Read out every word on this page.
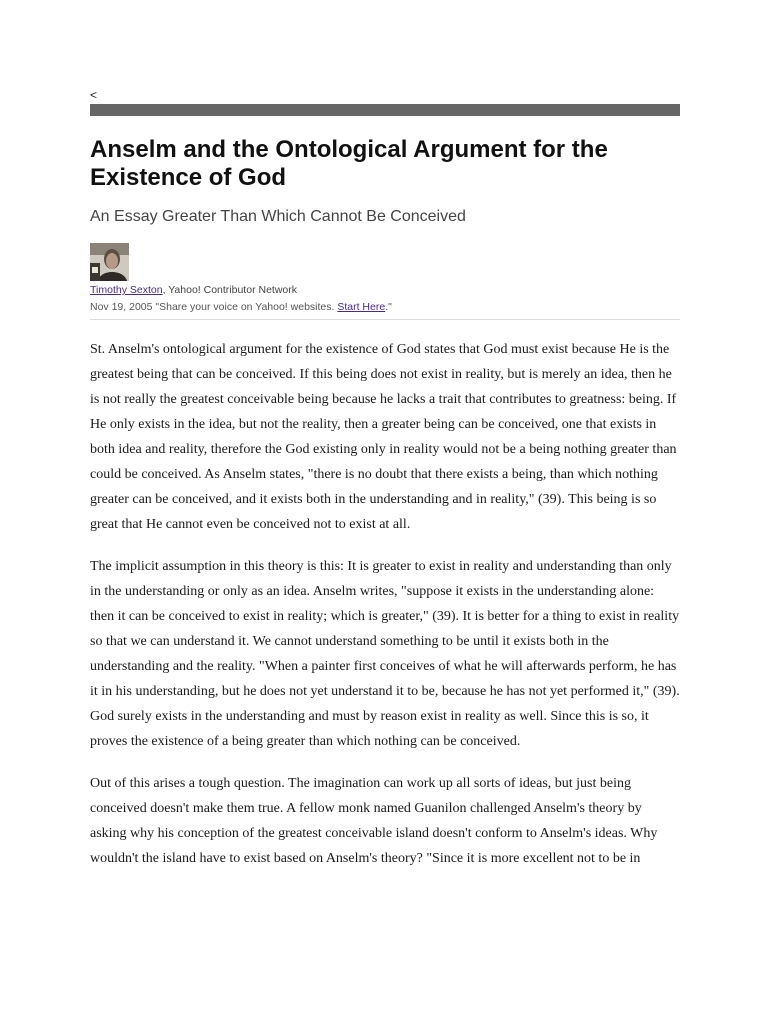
<
Anselm and the Ontological Argument for the Existence of God
An Essay Greater Than Which Cannot Be Conceived
Timothy Sexton, Yahoo! Contributor Network
Nov 19, 2005 "Share your voice on Yahoo! websites. Start Here."

St. Anselm's ontological argument for the existence of God states that God must exist because He is the greatest being that can be conceived. If this being does not exist in reality, but is merely an idea, then he is not really the greatest conceivable being because he lacks a trait that contributes to greatness: being. If He only exists in the idea, but not the reality, then a greater being can be conceived, one that exists in both idea and reality, therefore the God existing only in reality would not be a being nothing greater than could be conceived. As Anselm states, "there is no doubt that there exists a being, than which nothing greater can be conceived, and it exists both in the understanding and in reality," (39). This being is so great that He cannot even be conceived not to exist at all.

The implicit assumption in this theory is this: It is greater to exist in reality and understanding than only in the understanding or only as an idea. Anselm writes, "suppose it exists in the understanding alone: then it can be conceived to exist in reality; which is greater," (39). It is better for a thing to exist in reality so that we can understand it. We cannot understand something to be until it exists both in the understanding and the reality. "When a painter first conceives of what he will afterwards perform, he has it in his understanding, but he does not yet understand it to be, because he has not yet performed it," (39). God surely exists in the understanding and must by reason exist in reality as well. Since this is so, it proves the existence of a being greater than which nothing can be conceived.

Out of this arises a tough question. The imagination can work up all sorts of ideas, but just being conceived doesn't make them true. A fellow monk named Guanilon challenged Anselm's theory by asking why his conception of the greatest conceivable island doesn't conform to Anselm's ideas. Why wouldn't the island have to exist based on Anselm's theory? "Since it is more excellent not to be in
